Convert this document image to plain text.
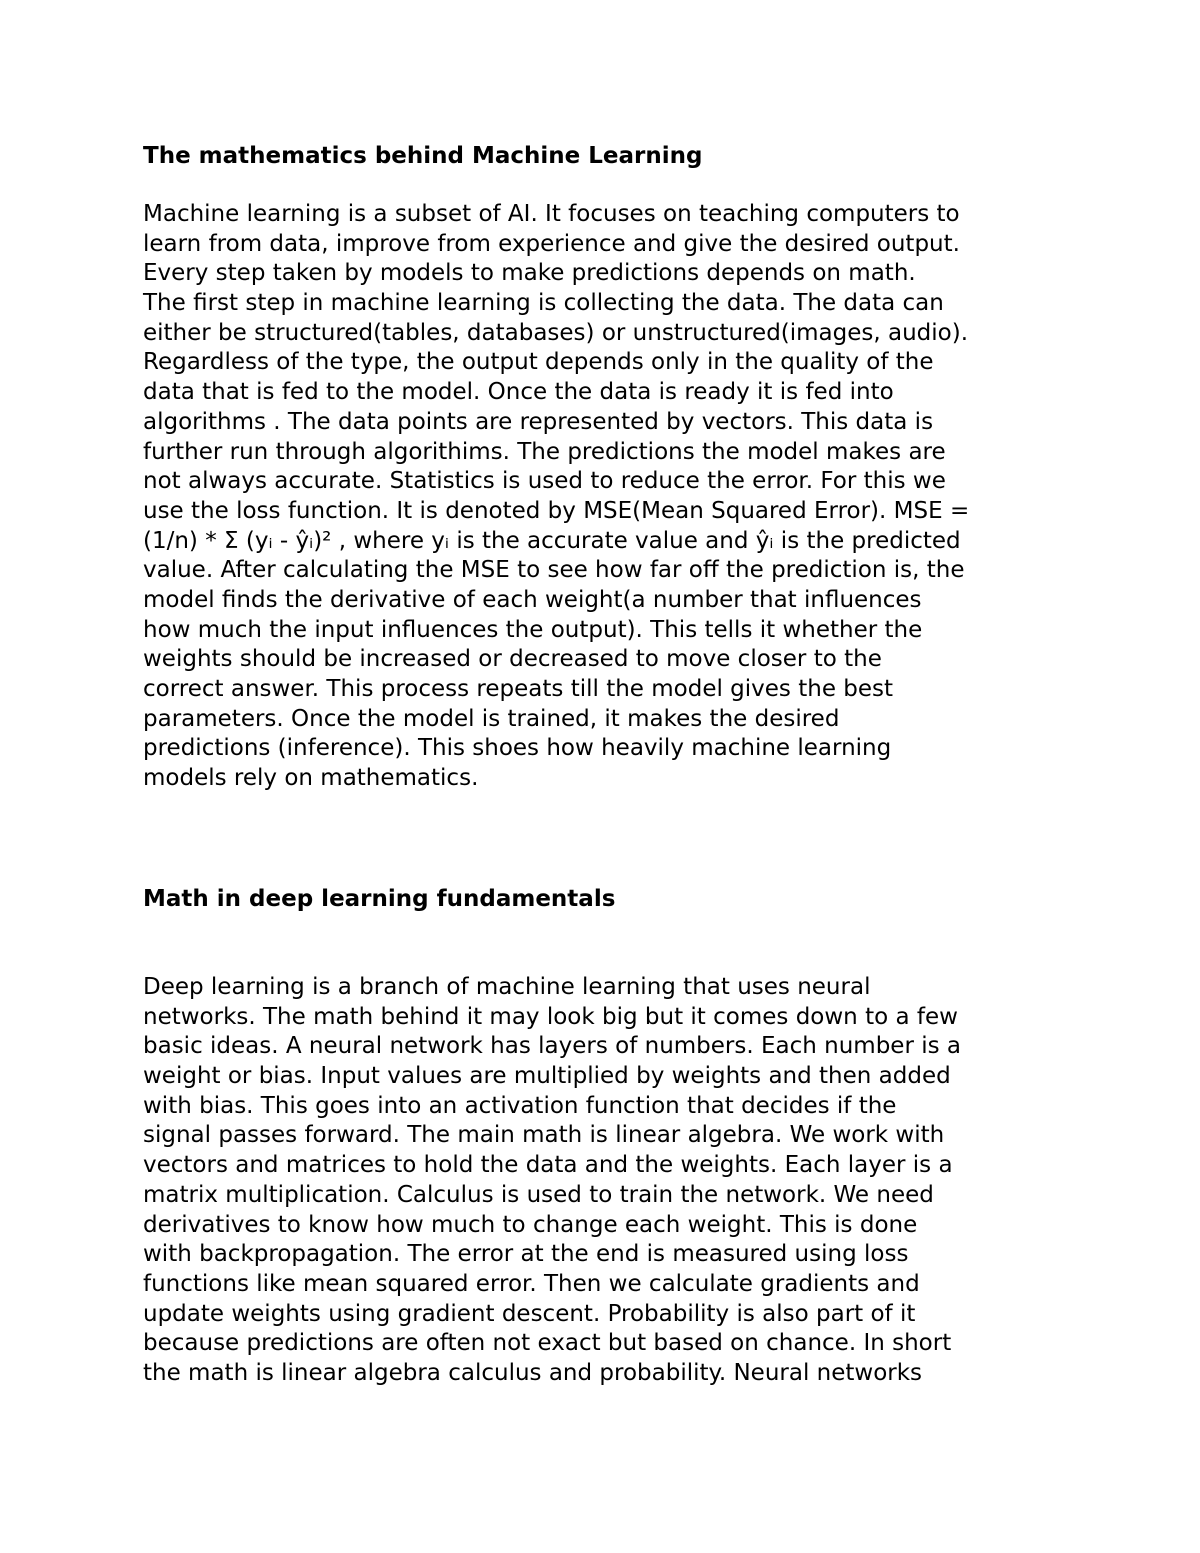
The mathematics behind Machine Learning
Machine learning is a subset of AI. It focuses on teaching computers to
learn from data, improve from experience and give the desired output.
Every step taken by models to make predictions depends on math.
The first step in machine learning is collecting the data. The data can
either be structured(tables, databases) or unstructured(images, audio).
Regardless of the type, the output depends only in the quality of the
data that is fed to the model. Once the data is ready it is fed into
algorithms . The data points are represented by vectors. This data is
further run through algorithims. The predictions the model makes are
not always accurate. Statistics is used to reduce the error. For this we
use the loss function. It is denoted by MSE(Mean Squared Error). MSE =
(1/n) * Σ (yᵢ - ŷᵢ)² , where yᵢ is the accurate value and ŷᵢ is the predicted
value. After calculating the MSE to see how far off the prediction is, the
model finds the derivative of each weight(a number that influences
how much the input influences the output). This tells it whether the
weights should be increased or decreased to move closer to the
correct answer. This process repeats till the model gives the best
parameters. Once the model is trained, it makes the desired
predictions (inference). This shoes how heavily machine learning
models rely on mathematics.
Math in deep learning fundamentals
Deep learning is a branch of machine learning that uses neural
networks. The math behind it may look big but it comes down to a few
basic ideas. A neural network has layers of numbers. Each number is a
weight or bias. Input values are multiplied by weights and then added
with bias. This goes into an activation function that decides if the
signal passes forward. The main math is linear algebra. We work with
vectors and matrices to hold the data and the weights. Each layer is a
matrix multiplication. Calculus is used to train the network. We need
derivatives to know how much to change each weight. This is done
with backpropagation. The error at the end is measured using loss
functions like mean squared error. Then we calculate gradients and
update weights using gradient descent. Probability is also part of it
because predictions are often not exact but based on chance. In short
the math is linear algebra calculus and probability. Neural networks
